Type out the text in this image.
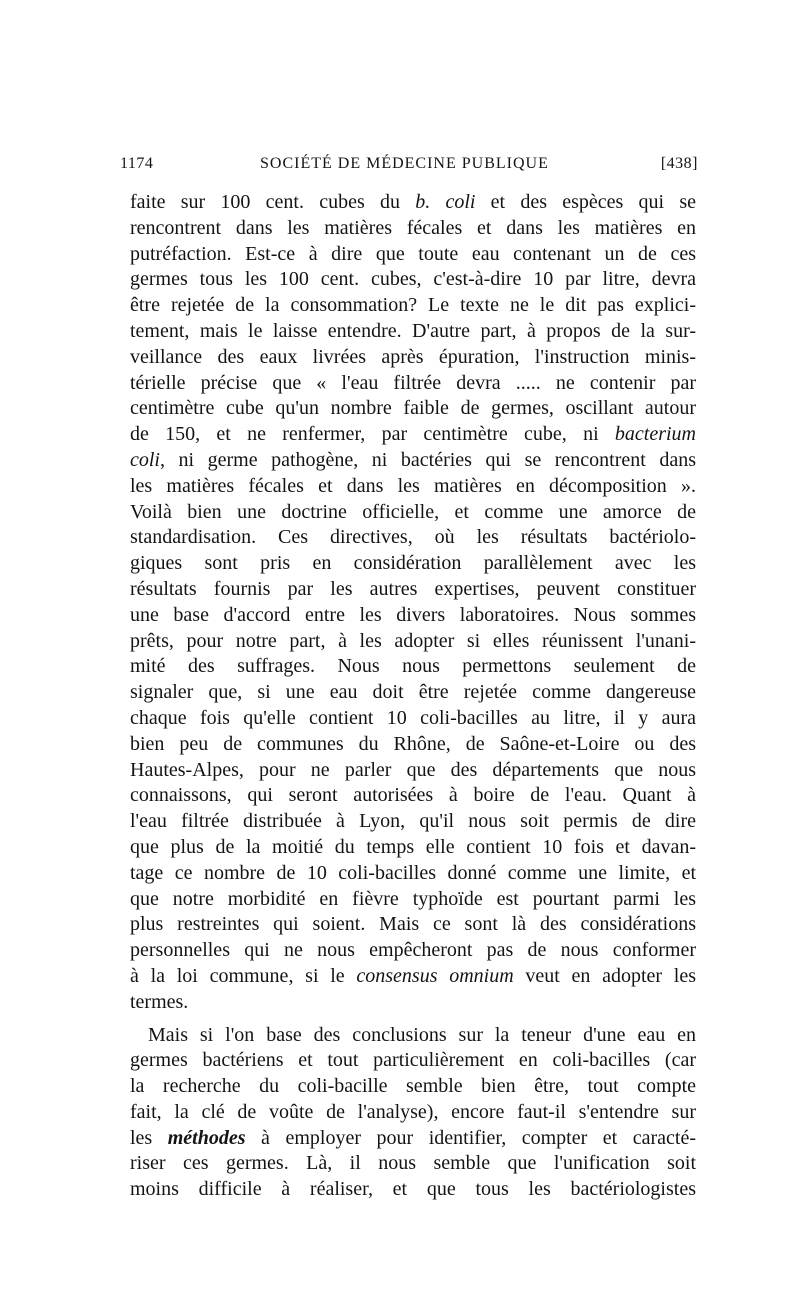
1174	SOCIÉTÉ DE MÉDECINE PUBLIQUE	[438]
faite sur 100 cent. cubes du b. coli et des espèces qui se
rencontrent dans les matières fécales et dans les matières en
putréfaction. Est-ce à dire que toute eau contenant un de ces
germes tous les 100 cent. cubes, c'est-à-dire 10 par litre, devra
être rejetée de la consommation? Le texte ne le dit pas explici-
tement, mais le laisse entendre. D'autre part, à propos de la sur-
veillance des eaux livrées après épuration, l'instruction minis-
térielle précise que « l'eau filtrée devra ..... ne contenir par
centimètre cube qu'un nombre faible de germes, oscillant autour
de 150, et ne renfermer, par centimètre cube, ni bacterium
coli, ni germe pathogène, ni bactéries qui se rencontrent dans
les matières fécales et dans les matières en décomposition ».
Voilà bien une doctrine officielle, et comme une amorce de
standardisation. Ces directives, où les résultats bactériolo-
giques sont pris en considération parallèlement avec les
résultats fournis par les autres expertises, peuvent constituer
une base d'accord entre les divers laboratoires. Nous sommes
prêts, pour notre part, à les adopter si elles réunissent l'unani-
mité des suffrages. Nous nous permettons seulement de
signaler que, si une eau doit être rejetée comme dangereuse
chaque fois qu'elle contient 10 coli-bacilles au litre, il y aura
bien peu de communes du Rhône, de Saône-et-Loire ou des
Hautes-Alpes, pour ne parler que des départements que nous
connaissons, qui seront autorisées à boire de l'eau. Quant à
l'eau filtrée distribuée à Lyon, qu'il nous soit permis de dire
que plus de la moitié du temps elle contient 10 fois et davan-
tage ce nombre de 10 coli-bacilles donné comme une limite, et
que notre morbidité en fièvre typhoïde est pourtant parmi les
plus restreintes qui soient. Mais ce sont là des considérations
personnelles qui ne nous empêcheront pas de nous conformer
à la loi commune, si le consensus omnium veut en adopter les
termes.
Mais si l'on base des conclusions sur la teneur d'une eau en
germes bactériens et tout particulièrement en coli-bacilles (car
la recherche du coli-bacille semble bien être, tout compte
fait, la clé de voûte de l'analyse), encore faut-il s'entendre sur
les méthodes à employer pour identifier, compter et caracté-
riser ces germes. Là, il nous semble que l'unification soit
moins difficile à réaliser, et que tous les bactériologistes
